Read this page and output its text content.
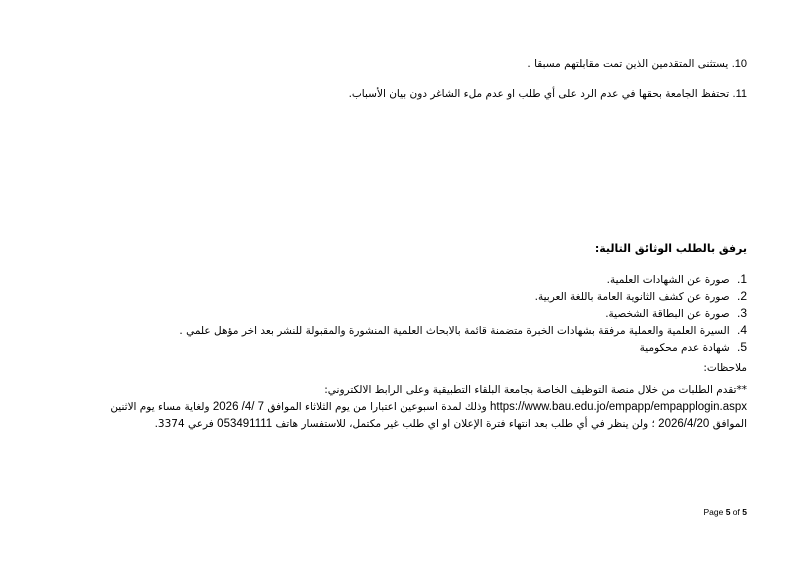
10. يستثنى المتقدمين الذين تمت مقابلتهم مسبقا .
11. تحتفظ الجامعة بحقها في عدم الرد على أي طلب او عدم ملء الشاغر دون بيان الأسباب.
يرفق بالطلب الوثائق التالية:
1. صورة عن الشهادات العلمية.
2. صورة عن كشف الثانوية العامة باللغة العربية.
3. صورة عن البطاقة الشخصية.
4. السيرة العلمية والعملية مرفقة بشهادات الخبرة متضمنة قائمة بالابحاث العلمية المنشورة والمقبولة للنشر بعد اخر مؤهل علمي .
5. شهادة عدم محكومية
ملاحظات:
**تقدم الطلبات من خلال منصة التوظيف الخاصة بجامعة البلقاء التطبيقية وعلى الرابط الالكتروني:
https://www.bau.edu.jo/empapp/empapplogin.aspx وذلك لمدة اسبوعين اعتبارا من يوم الثلاثاء الموافق 2026 /4/ 7 ولغاية مساء يوم الاثنين
الموافق 2026/4/20 ؛ ولن ينظر في أي طلب بعد انتهاء فترة الإعلان او اي طلب غير مكتمل، للاستفسار هاتف 053491111 فرعي 3374.
Page 5 of 5
